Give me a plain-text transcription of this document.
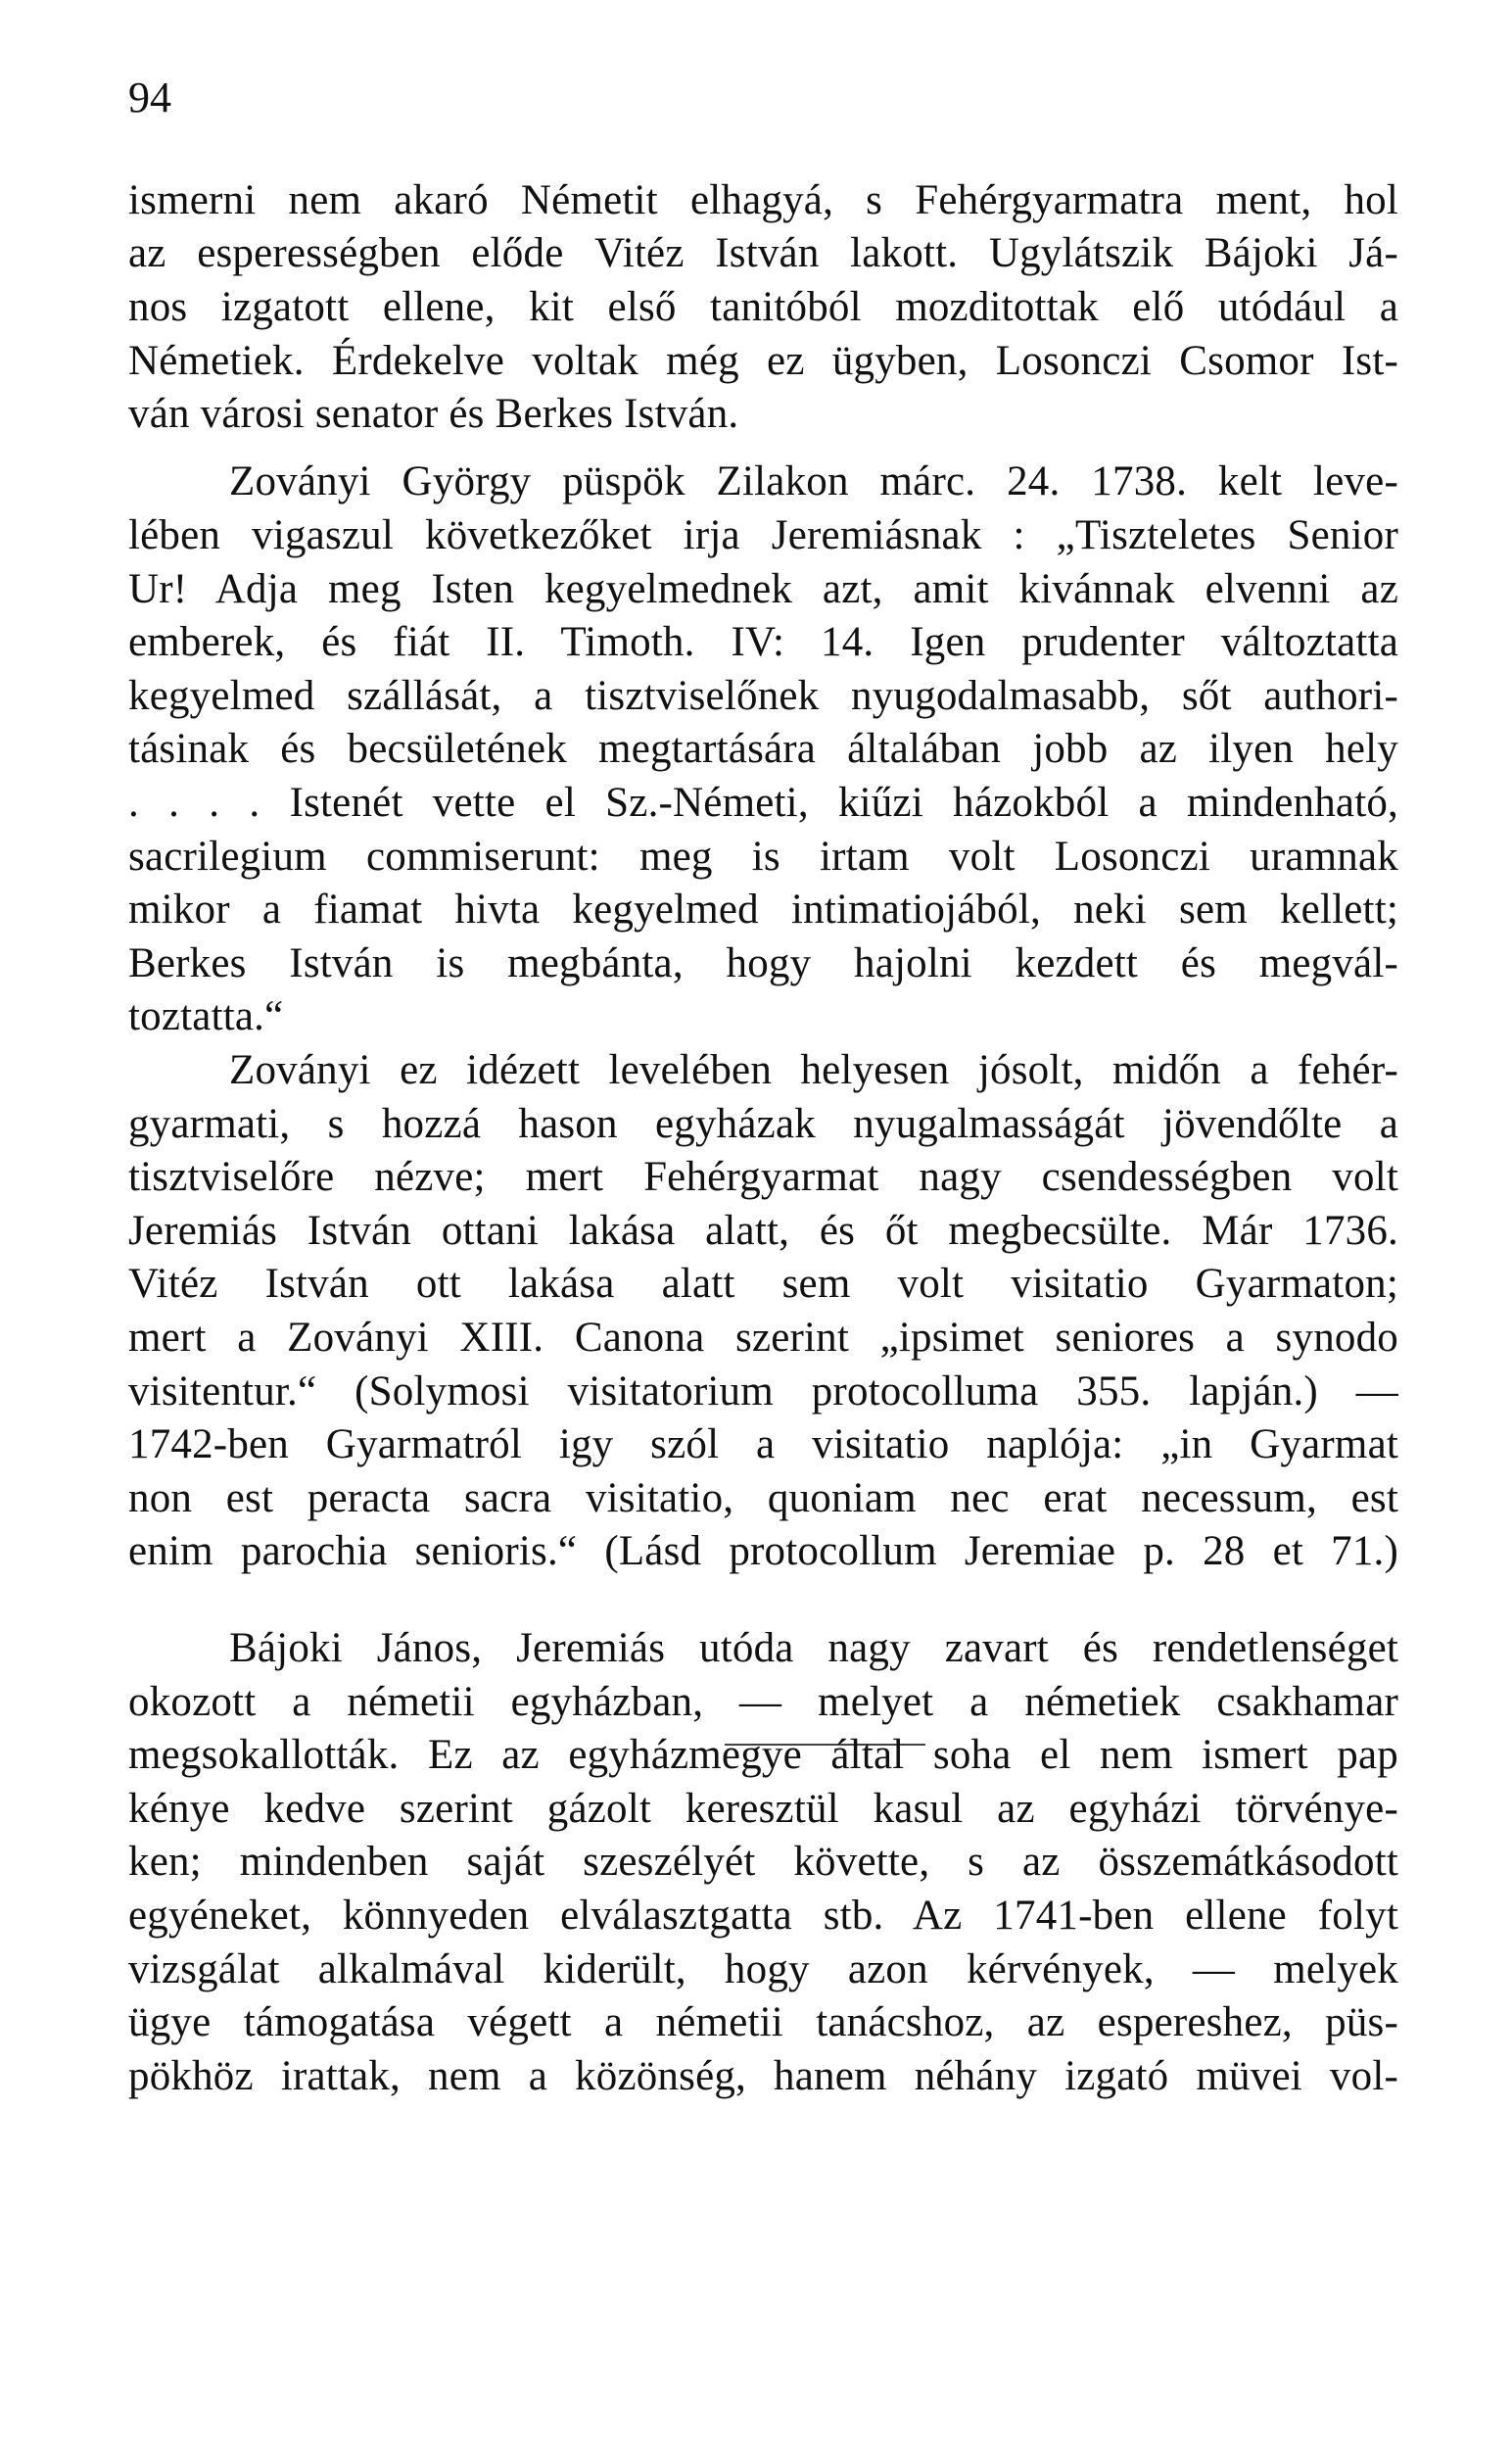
94
ismerni nem akaró Németit elhagyá, s Fehérgyarmatra ment, hol
az esperességben elődе Vitéz István lakott. Ugylátszik Bájoki Já-
nos izgatott ellene, kit első tanitóból mozditottak elő utódául a
Németiek. Érdekelve voltak még ez ügyben, Losonczi Csomor Ist-
ván városi senator és Berkes István.
Zoványi György püspök Zilakon márc. 24. 1738. kelt leve-
lében vigaszul következőket irja Jeremiásnak : „Tiszteletes Senior
Ur! Adja meg Isten kegyelmednek azt, amit kivánnak elvenni az
emberek, és fiát II. Timoth. IV: 14. Igen prudenter változtatta
kegyelmed szállását, a tisztviselőnek nyugodalmasabb, sőt authori-
tásinak és becsületének megtartására általában jobb az ilyen hely
. . . . Istenét vette el Sz.-Németi, kiűzi házokból a mindenható,
sacrilegium commiserunt: meg is irtam volt Losonczi uramnak
mikor a fiamat hivta kegyelmed intimatiojából, neki sem kellett;
Berkes István is megbánta, hogy hajolni kezdett és megvál-
toztatta.“
Zoványi ez idézett levelében helyesen jósolt, midőn a fehér-
gyarmati, s hozzá hason egyházak nyugalmasságát jövendőlte a
tisztviselőre nézve; mert Fehérgyarmat nagy csendességben volt
Jeremiás István ottani lakása alatt, és őt megbecsülte. Már 1736.
Vitéz István ott lakása alatt sem volt visitatio Gyarmaton;
mert a Zoványi XIII. Canona szerint „ipsimet seniores a synodo
visitentur.“ (Solymosi visitatorium protocolluma 355. lapján.) —
1742-ben Gyarmatról igy szól a visitatio naplója: „in Gyarmat
non est peracta sacra visitatio, quoniam nec erat necessum, est
enim parochia senioris.“ (Lásd protocollum Jeremiae p. 28 et 71.)
Bájoki János, Jeremiás utóda nagy zavart és rendetlenséget
okozott a németii egyházban, — melyet a németiek csakhamar
megsokallották. Ez az egyházmegye által soha el nem ismert pap
kénye kedve szerint gázolt keresztül kasul az egyházi törvénye-
ken; mindenben saját szeszélyét követte, s az összemátkásodott
egyéneket, könnyeden elválasztgatta stb. Az 1741-ben ellene folyt
vizsgálat alkalmával kiderült, hogy azon kérvények, — melyek
ügye támogatása végett a németii tanácshoz, az espereshez, püs-
pökhöz irattak, nem a közönség, hanem néhány izgató müvei vol-
